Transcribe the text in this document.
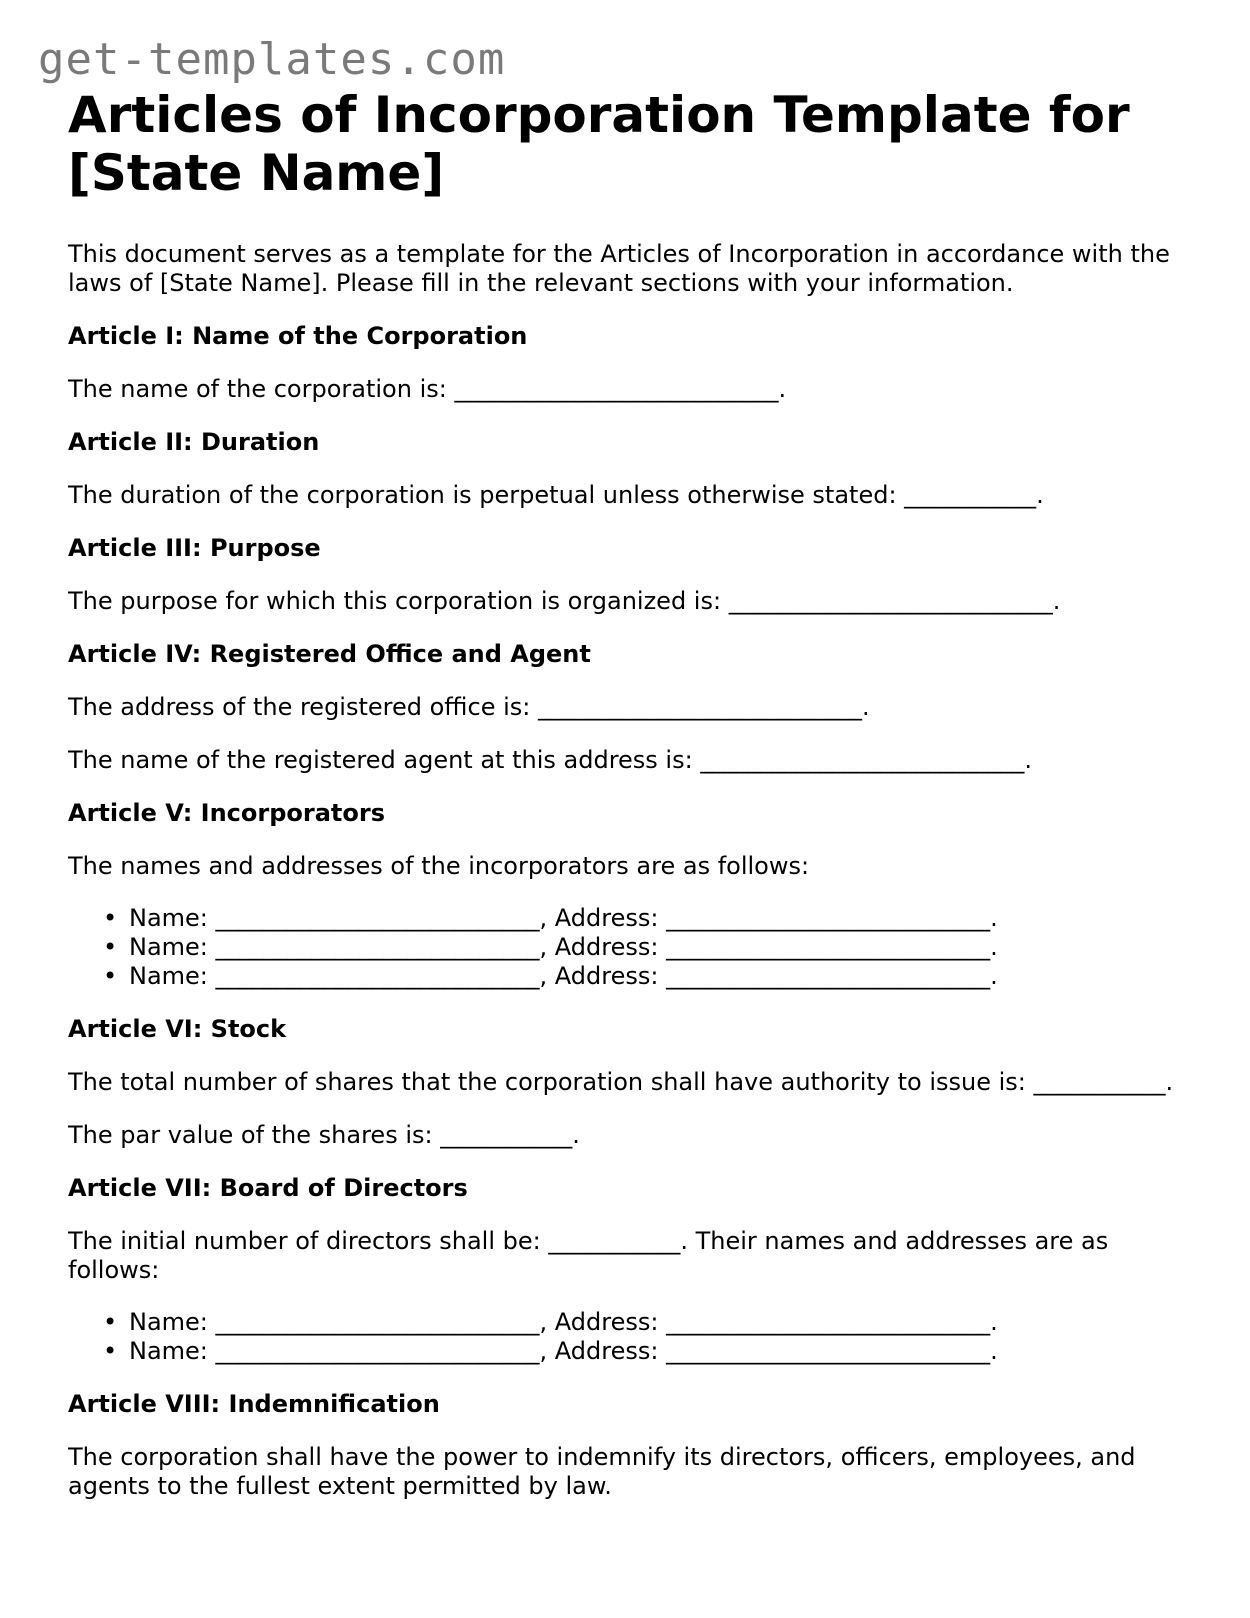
get-templates.com
Articles of Incorporation Template for [State Name]

This document serves as a template for the Articles of Incorporation in accordance with the laws of [State Name]. Please fill in the relevant sections with your information.

Article I: Name of the Corporation

The name of the corporation is: ___________________________.

Article II: Duration

The duration of the corporation is perpetual unless otherwise stated: ___________.

Article III: Purpose

The purpose for which this corporation is organized is: ___________________________.

Article IV: Registered Office and Agent

The address of the registered office is: ___________________________.

The name of the registered agent at this address is: ___________________________.

Article V: Incorporators

The names and addresses of the incorporators are as follows:

• Name: ___________________________, Address: ___________________________.
• Name: ___________________________, Address: ___________________________.
• Name: ___________________________, Address: ___________________________.
Article VI: Stock

The total number of shares that the corporation shall have authority to issue is: ___________.

The par value of the shares is: ___________.

Article VII: Board of Directors

The initial number of directors shall be: ___________. Their names and addresses are as follows:

• Name: ___________________________, Address: ___________________________.
• Name: ___________________________, Address: ___________________________.
Article VIII: Indemnification

The corporation shall have the power to indemnify its directors, officers, employees, and agents to the fullest extent permitted by law.
